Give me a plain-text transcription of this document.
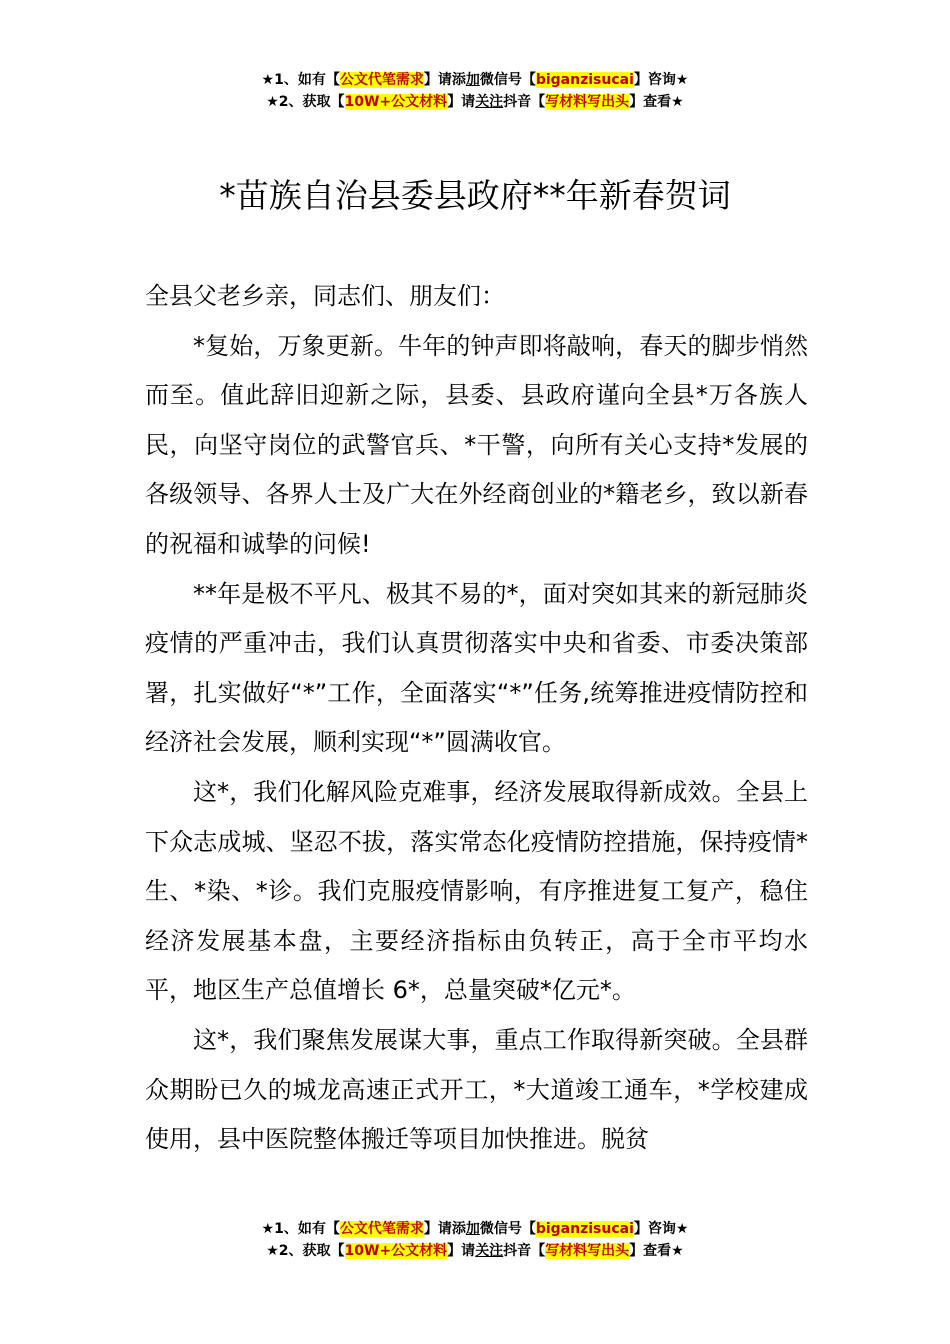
★1、如有【公文代笔需求】请添加微信号【biganzisucai】咨询★
★2、获取【10W+公文材料】请关注抖音【写材料写出头】查看★
*苗族自治县委县政府**年新春贺词

全县父老乡亲，同志们、朋友们：

*复始，万象更新。牛年的钟声即将敲响，春天的脚步悄然而至。值此辞旧迎新之际，县委、县政府谨向全县*万各族人民，向坚守岗位的武警官兵、*干警，向所有关心支持*发展的各级领导、各界人士及广大在外经商创业的*籍老乡，致以新春的祝福和诚挚的问候!

**年是极不平凡、极其不易的*，面对突如其来的新冠肺炎疫情的严重冲击，我们认真贯彻落实中央和省委、市委决策部署，扎实做好“*”工作，全面落实“*”任务,统筹推进疫情防控和经济社会发展，顺利实现“*”圆满收官。

这*，我们化解风险克难事，经济发展取得新成效。全县上下众志成城、坚忍不拔，落实常态化疫情防控措施，保持疫情*生、*染、*诊。我们克服疫情影响，有序推进复工复产，稳住经济发展基本盘，主要经济指标由负转正，高于全市平均水平，地区生产总值增长 6*，总量突破*亿元*。

这*，我们聚焦发展谋大事，重点工作取得新突破。全县群众期盼已久的城龙高速正式开工，*大道竣工通车，*学校建成使用，县中医院整体搬迁等项目加快推进。脱贫

★1、如有【公文代笔需求】请添加微信号【biganzisucai】咨询★
★2、获取【10W+公文材料】请关注抖音【写材料写出头】查看★
